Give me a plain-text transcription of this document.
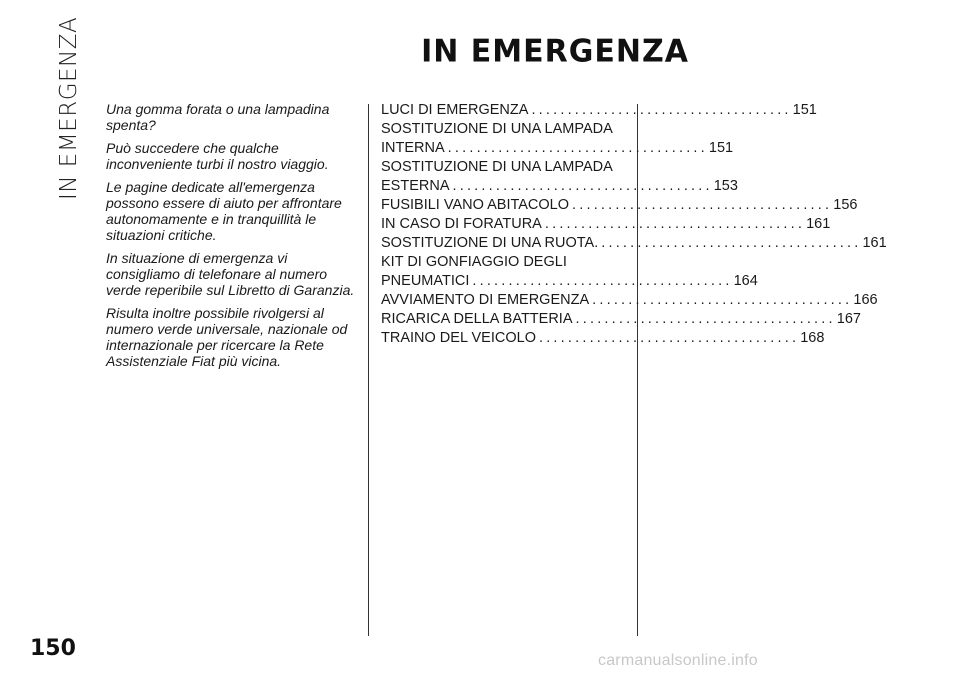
IN EMERGENZA	IN EMERGENZA

Una gomma forata o una lampadina spenta?

Può succedere che qualche inconveniente turbi il nostro viaggio.

Le pagine dedicate all'emergenza possono essere di aiuto per affrontare autonomamente e in tranquillità le situazioni critiche.

In situazione di emergenza vi consigliamo di telefonare al numero verde reperibile sul Libretto di Garanzia.

Risulta inoltre possibile rivolgersi al numero verde universale, nazionale od internazionale per ricercare la Rete Assistenziale Fiat più vicina.

LUCI DI EMERGENZA .................................... 151
SOSTITUZIONE DI UNA LAMPADA
INTERNA .................................... 151
SOSTITUZIONE DI UNA LAMPADA
ESTERNA .................................... 153
FUSIBILI VANO ABITACOLO .................................... 156
IN CASO DI FORATURA .................................... 161
SOSTITUZIONE DI UNA RUOTA. .................................... 161
KIT DI GONFIAGGIO DEGLI
PNEUMATICI .................................... 164
AVVIAMENTO DI EMERGENZA .................................... 166
RICARICA DELLA BATTERIA .................................... 167
TRAINO DEL VEICOLO .................................... 168
150	carmanualsonline.info
